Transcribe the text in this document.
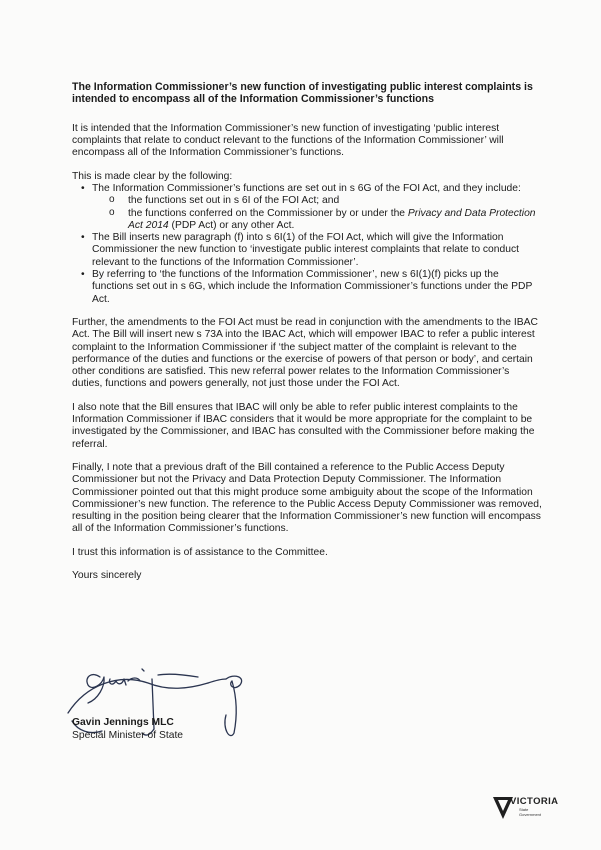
The Information Commissioner’s new function of investigating public interest complaints is intended to encompass all of the Information Commissioner’s functions

It is intended that the Information Commissioner’s new function of investigating ‘public interest complaints that relate to conduct relevant to the functions of the Information Commissioner’ will encompass all of the Information Commissioner’s functions.

This is made clear by the following:

• The Information Commissioner’s functions are set out in s 6G of the FOI Act, and they include:
o the functions set out in s 6I of the FOI Act; and
o the functions conferred on the Commissioner by or under the Privacy and Data Protection Act 2014 (PDP Act) or any other Act.
• The Bill inserts new paragraph (f) into s 6I(1) of the FOI Act, which will give the Information Commissioner the new function to ‘investigate public interest complaints that relate to conduct relevant to the functions of the Information Commissioner’.
• By referring to ‘the functions of the Information Commissioner’, new s 6I(1)(f) picks up the functions set out in s 6G, which include the Information Commissioner’s functions under the PDP Act.

Further, the amendments to the FOI Act must be read in conjunction with the amendments to the IBAC Act. The Bill will insert new s 73A into the IBAC Act, which will empower IBAC to refer a public interest complaint to the Information Commissioner if ‘the subject matter of the complaint is relevant to the performance of the duties and functions or the exercise of powers of that person or body’, and certain other conditions are satisfied. This new referral power relates to the Information Commissioner’s duties, functions and powers generally, not just those under the FOI Act.

I also note that the Bill ensures that IBAC will only be able to refer public interest complaints to the Information Commissioner if IBAC considers that it would be more appropriate for the complaint to be investigated by the Commissioner, and IBAC has consulted with the Commissioner before making the referral.

Finally, I note that a previous draft of the Bill contained a reference to the Public Access Deputy Commissioner but not the Privacy and Data Protection Deputy Commissioner. The Information Commissioner pointed out that this might produce some ambiguity about the scope of the Information Commissioner’s new function. The reference to the Public Access Deputy Commissioner was removed, resulting in the position being clearer that the Information Commissioner’s new function will encompass all of the Information Commissioner’s functions.

I trust this information is of assistance to the Committee.

Yours sincerely

Gavin Jennings MLC
Special Minister of State
VICTORIA
State
Government
